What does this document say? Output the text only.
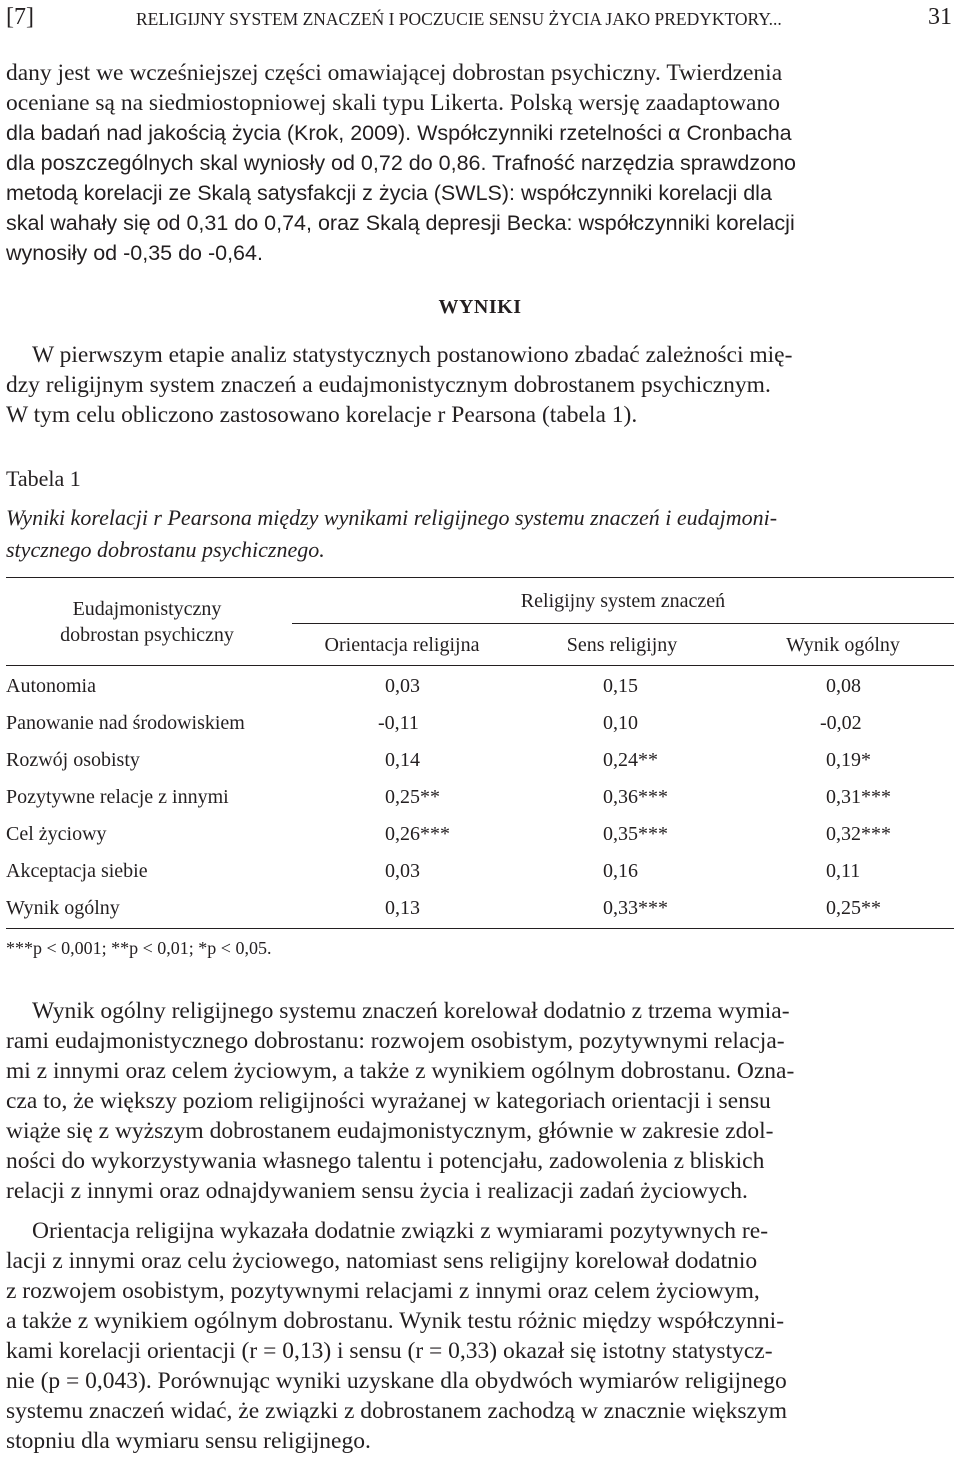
[7]	RELIGIJNY SYSTEM ZNACZEŃ I POCZUCIE SENSU ŻYCIA JAKO PREDYKTORY...	31
dany jest we wcześniejszej części omawiającej dobrostan psychiczny. Twierdzenia
oceniane są na siedmiostopniowej skali typu Likerta. Polską wersję zaadaptowano
dla badań nad jakością życia (Krok, 2009). Współczynniki rzetelności α Cronbacha
dla poszczególnych skal wyniosły od 0,72 do 0,86. Trafność narzędzia sprawdzono
metodą korelacji ze Skalą satysfakcji z życia (SWLS): współczynniki korelacji dla
skal wahały się od 0,31 do 0,74, oraz Skalą depresji Becka: współczynniki korelacji
wynosiły od -0,35 do -0,64.
WYNIKI
W pierwszym etapie analiz statystycznych postanowiono zbadać zależności mię-
dzy religijnym system znaczeń a eudajmonistycznym dobrostanem psychicznym.
W tym celu obliczono zastosowano korelacje r Pearsona (tabela 1).
Tabela 1
Wyniki korelacji r Pearsona między wynikami religijnego systemu znaczeń i eudajmoni-
stycznego dobrostanu psychicznego.
Eudajmonistyczny
dobrostan psychiczny
Religijny system znaczeń
Orientacja religijna	Sens religijny	Wynik ogólny
Autonomia	0,03	0,15	0,08
Panowanie nad środowiskiem	-0,11	0,10	-0,02
Rozwój osobisty	0,14	0,24**	0,19*
Pozytywne relacje z innymi	0,25**	0,36***	0,31***
Cel życiowy	0,26***	0,35***	0,32***
Akceptacja siebie	0,03	0,16	0,11
Wynik ogólny	0,13	0,33***	0,25**
***p < 0,001; **p < 0,01; *p < 0,05.
Wynik ogólny religijnego systemu znaczeń korelował dodatnio z trzema wymia-
rami eudajmonistycznego dobrostanu: rozwojem osobistym, pozytywnymi relacja-
mi z innymi oraz celem życiowym, a także z wynikiem ogólnym dobrostanu. Ozna-
cza to, że większy poziom religijności wyrażanej w kategoriach orientacji i sensu
wiąże się z wyższym dobrostanem eudajmonistycznym, głównie w zakresie zdol-
ności do wykorzystywania własnego talentu i potencjału, zadowolenia z bliskich
relacji z innymi oraz odnajdywaniem sensu życia i realizacji zadań życiowych.
Orientacja religijna wykazała dodatnie związki z wymiarami pozytywnych re-
lacji z innymi oraz celu życiowego, natomiast sens religijny korelował dodatnio
z rozwojem osobistym, pozytywnymi relacjami z innymi oraz celem życiowym,
a także z wynikiem ogólnym dobrostanu. Wynik testu różnic między współczynni-
kami korelacji orientacji (r = 0,13) i sensu (r = 0,33) okazał się istotny statystycz-
nie (p = 0,043). Porównując wyniki uzyskane dla obydwóch wymiarów religijnego
systemu znaczeń widać, że związki z dobrostanem zachodzą w znacznie większym
stopniu dla wymiaru sensu religijnego.
